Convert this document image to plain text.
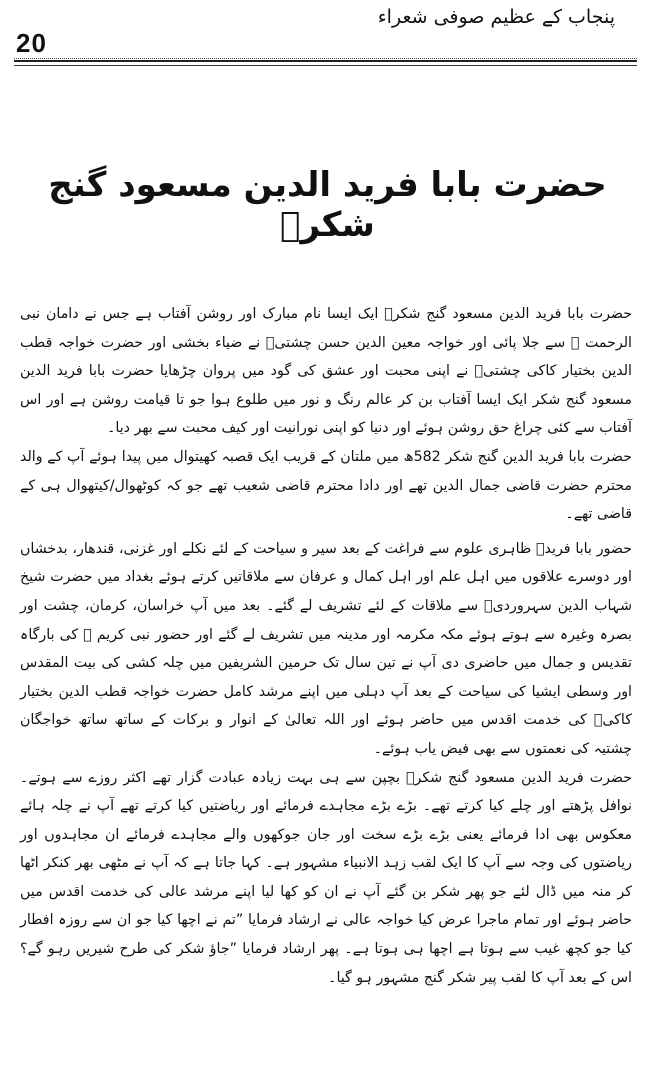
20
پنجاب کے عظیم صوفی شعراء
حضرت بابا فرید الدین مسعود گنج شکرؒ

حضرت بابا فرید الدین مسعود گنج شکرؒ ایک ایسا نام مبارک اور روشن آفتاب ہے جس نے دامان نبی الرحمت ﷺ سے جلا پائی اور خواجہ معین الدین حسن چشتیؒ نے ضیاء بخشی اور حضرت خواجہ قطب الدین بختیار کاکی چشتیؒ نے اپنی محبت اور عشق کی گود میں پروان چڑھایا حضرت بابا فرید الدین مسعود گنج شکر ایک ایسا آفتاب بن کر عالم رنگ و نور میں طلوع ہوا جو تا قیامت روشن ہے اور اس آفتاب سے کئی چراغ حق روشن ہوئے اور دنیا کو اپنی نورانیت اور کیف محبت سے بھر دیا۔

حضرت بابا فرید الدین گنج شکر 582ھ میں ملتان کے قریب ایک قصبہ کھیتوال میں پیدا ہوئے آپ کے والد محترم حضرت قاضی جمال الدین تھے اور دادا محترم قاضی شعیب تھے جو کہ کوٹھوال/کیتھوال ہی کے قاضی تھے۔

حضور بابا فریدؒ ظاہری علوم سے فراغت کے بعد سیر و سیاحت کے لئے نکلے اور غزنی، قندھار، بدخشاں اور دوسرے علاقوں میں اہل علم اور اہل کمال و عرفان سے ملاقاتیں کرتے ہوئے بغداد میں حضرت شیخ شہاب الدین سہروردیؒ سے ملاقات کے لئے تشریف لے گئے۔ بعد میں آپ خراسان، کرمان، چشت اور بصرہ وغیرہ سے ہوتے ہوئے مکہ مکرمہ اور مدینہ میں تشریف لے گئے اور حضور نبی کریم ﷺ کی بارگاہ تقدیس و جمال میں حاضری دی آپ نے تین سال تک حرمین الشریفین میں چلہ کشی کی بیت المقدس اور وسطی ایشیا کی سیاحت کے بعد آپ دہلی میں اپنے مرشد کامل حضرت خواجہ قطب الدین بختیار کاکیؒ کی خدمت اقدس میں حاضر ہوئے اور اللہ تعالیٰ کے انوار و برکات کے ساتھ ساتھ خواجگان چشتیہ کی نعمتوں سے بھی فیض یاب ہوئے۔

حضرت فرید الدین مسعود گنج شکرؒ بچپن سے ہی بہت زیادہ عبادت گزار تھے اکثر روزے سے ہوتے۔ نوافل پڑھتے اور چلے کیا کرتے تھے۔ بڑے بڑے مجاہدے فرمائے اور ریاضتیں کیا کرتے تھے آپ نے چلہ ہائے معکوس بھی ادا فرمائے یعنی بڑے بڑے سخت اور جان جوکھوں والے مجاہدے فرمائے ان مجاہدوں اور ریاضتوں کی وجہ سے آپ کا ایک لقب زہد الانبیاء مشہور ہے۔ کہا جاتا ہے کہ آپ نے مٹھی بھر کنکر اٹھا کر منہ میں ڈال لئے جو پھر شکر بن گئے آپ نے ان کو کھا لیا اپنے مرشد عالی کی خدمت اقدس میں حاضر ہوئے اور تمام ماجرا عرض کیا خواجہ عالی نے ارشاد فرمایا ”تم نے اچھا کیا جو ان سے روزہ افطار کیا جو کچھ غیب سے ہوتا ہے اچھا ہی ہوتا ہے۔ پھر ارشاد فرمایا ”جاؤ شکر کی طرح شیریں رہو گے؟ اس کے بعد آپ کا لقب پیر شکر گنج مشہور ہو گیا۔
